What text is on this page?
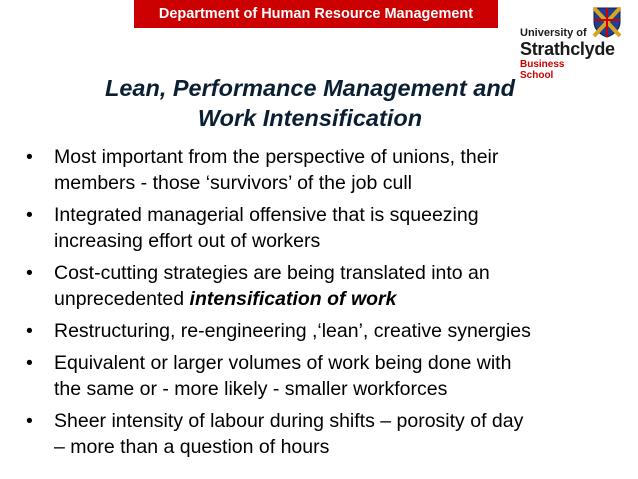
Department of Human Resource Management
University of
Strathclyde
Business
School
Lean, Performance Management and
Work Intensification
• Most important from the perspective of unions, their
members - those ‘survivors’ of the job cull
• Integrated managerial offensive that is squeezing
increasing effort out of workers
• Cost-cutting strategies are being translated into an
unprecedented intensification of work
• Restructuring, re-engineering ,‘lean’, creative synergies
• Equivalent or larger volumes of work being done with
the same or - more likely - smaller workforces
• Sheer intensity of labour during shifts – porosity of day
– more than a question of hours
